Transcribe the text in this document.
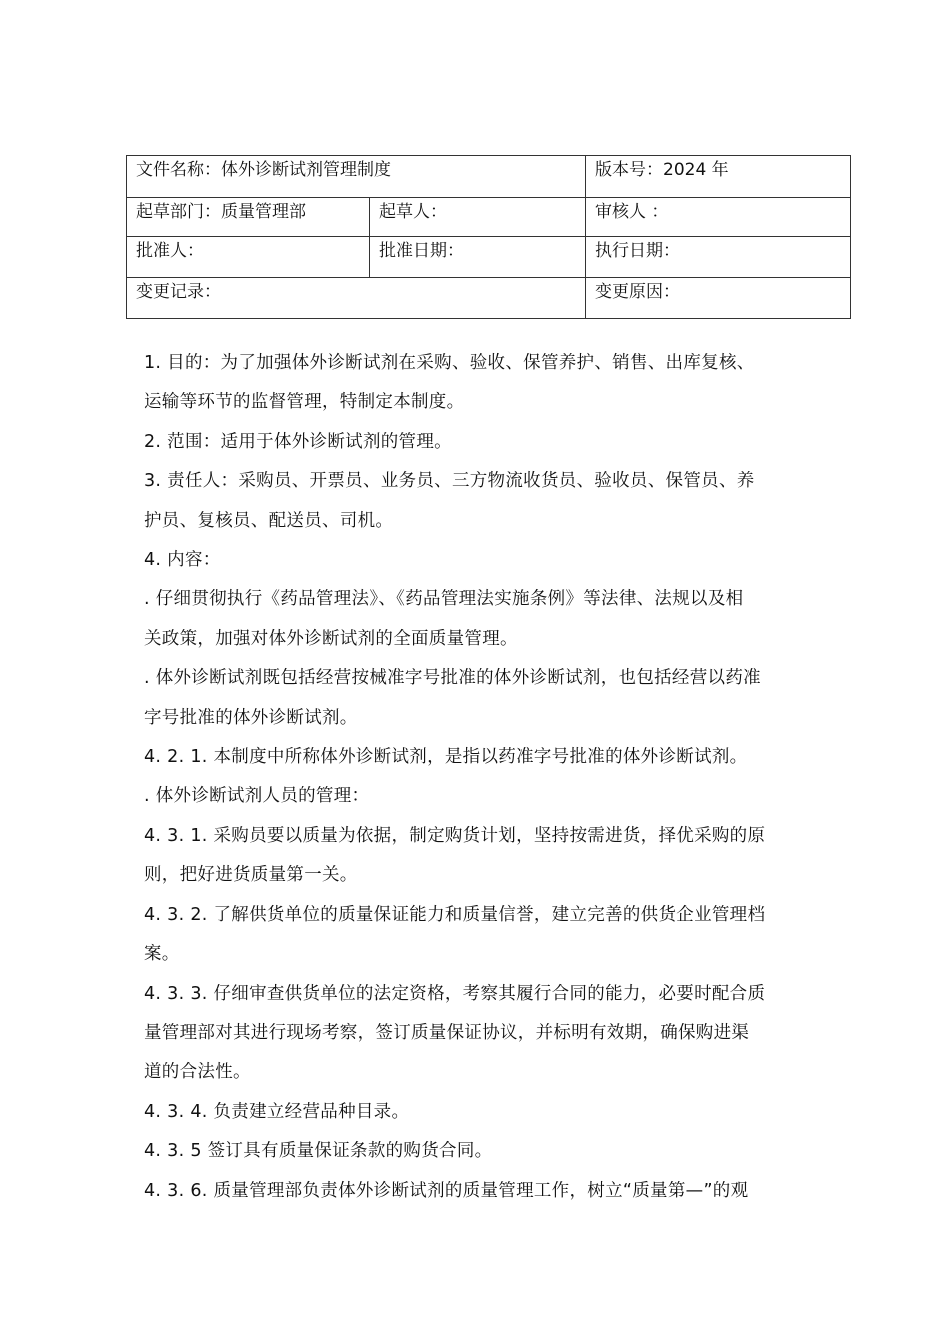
文件名称：体外诊断试剂管理制度		版本号：2024 年
起草部门：质量管理部	起草人：	审核人 ：
批准人：	批准日期：	执行日期：
变更记录：		变更原因：

1. 目的：为了加强体外诊断试剂在采购、验收、保管养护、销售、出库复核、

运输等环节的监督管理，特制定本制度。

2. 范围：适用于体外诊断试剂的管理。

3. 责任人：采购员、开票员、业务员、三方物流收货员、验收员、保管员、养

护员、复核员、配送员、司机。

4. 内容：

. 仔细贯彻执行《药品管理法》、《药品管理法实施条例》等法律、法规以及相

关政策，加强对体外诊断试剂的全面质量管理。

. 体外诊断试剂既包括经营按械准字号批准的体外诊断试剂，也包括经营以药准

字号批准的体外诊断试剂。

4. 2. 1. 本制度中所称体外诊断试剂，是指以药准字号批准的体外诊断试剂。

. 体外诊断试剂人员的管理：

4. 3. 1. 采购员要以质量为依据，制定购货计划，坚持按需进货，择优采购的原

则，把好进货质量第一关。

4. 3. 2. 了解供货单位的质量保证能力和质量信誉，建立完善的供货企业管理档

案。

4. 3. 3. 仔细审查供货单位的法定资格，考察其履行合同的能力，必要时配合质

量管理部对其进行现场考察，签订质量保证协议，并标明有效期，确保购进渠

道的合法性。

4. 3. 4. 负责建立经营品种目录。

4. 3. 5 签订具有质量保证条款的购货合同。

4. 3. 6. 质量管理部负责体外诊断试剂的质量管理工作，树立“质量第—”的观
